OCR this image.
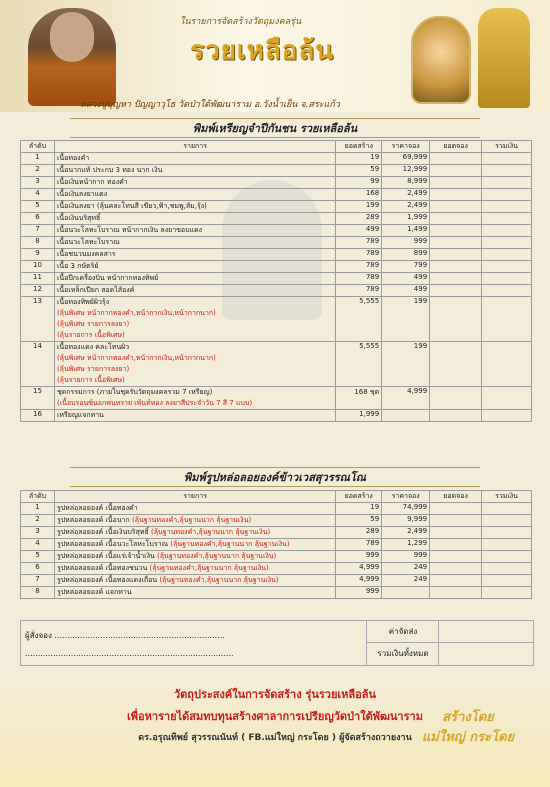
ในรายการจัดสร้างวัตถุมงคลรุ่น
รวยเหลือล้น
หลวงปู่บุญหา ปัญญาวุโธ วัดป่าใต้พัฒนาราม อ.วังน้ำเย็น จ.สระแก้ว
พิมพ์เหรียญจำปีกันชน รวยเหลือล้น
ลำดับ	รายการ	ยอดสร้าง	ราคาจอง	ยอดจอง	รวมเงิน
1	เนื้อทองคำ	19	69,999		
2	เนื้อนากแท้ ประกบ 3 ทอง นาก เงิน	59	12,999		
3	เนื้อเงินหน้ากาก ทองคำ	99	8,999		
4	เนื้อเงินลงยาแดง	168	2,499		
5	เนื้อเงินลงยา (ลุ้นคละโทนสี เขียว,ฟ้า,ชมพู,ส้ม,รุ้ง)	199	2,499		
6	เนื้อเงินบริสุทธิ์	289	1,999		
7	เนื้อนวะโลหะโบราณ หน้ากากเงิน ลงยาขอบแดง	499	1,499		
8	เนื้อนวะโลหะโบราณ	789	999		
9	เนื้อชนวนมงคลสาร	789	899		
10	เนื้อ 3 กษัตริย์	789	799		
11	เนื้อปีกเครื่องบิน หน้ากากทองทิพย์	789	499		
12	เนื้อเหล็กเปียก สอดไส้องค์	789	499		
13	เนื้อทองทิพย์ผิวรุ้ง
(ลุ้นพิเศษ หน้ากากทองคำ,หน้ากากเงิน,หน้ากากนาก)
(ลุ้นพิเศษ รายการลงยา)
(ลุ้นรายการ เนื้อพิเศษ)	5,555	199		
14	เนื้อทองแดง คละโทนผิว
(ลุ้นพิเศษ หน้ากากทองคำ,หน้ากากเงิน,หน้ากากนาก)
(ลุ้นพิเศษ รายการลงยา)
(ลุ้นรายการ เนื้อพิเศษ)	5,555	199		
15	ชุดกรรมการ (ภายในชุดรับวัตถุมงคลรวม 7 เหรียญ)
(เนื้อบรอนซ์นอกพ่นทราย เพ้นท์ทอง ลงยาสีประจำวัน 7 สี 7 แบบ)	168 ชุด	4,999		
16	เหรียญแจกทาน	1,999			
พิมพ์รูปหล่อลอยองค์ข้าวเวสสุวรรณโณ
ลำดับ	รายการ	ยอดสร้าง	ราคาจอง	ยอดจอง	รวมเงิน
1	รูปหล่อลอยองค์ เนื้อทองคำ	19	74,999		
2	รูปหล่อลอยองค์ เนื้อนาก (ลุ้นฐานทองคำ,ลุ้นฐานนาก ลุ้นฐานเงิน)	59	9,999		
3	รูปหล่อลอยองค์ เนื้อเงินบริสุทธิ์ (ลุ้นฐานทองคำ,ลุ้นฐานนาก ลุ้นฐานเงิน)	289	2,499		
4	รูปหล่อลอยองค์ เนื้อนวะโลหะโบราณ (ลุ้นฐานทองคำ,ลุ้นฐานนาก ลุ้นฐานเงิน)	789	1,299		
5	รูปหล่อลอยองค์ เนื้อแร่เจ้าน้ำเงิน (ลุ้นฐานทองคำ,ลุ้นฐานนาก ลุ้นฐานเงิน)	999	999		
6	รูปหล่อลอยองค์ เนื้อทองชนวน (ลุ้นฐานทองคำ,ลุ้นฐานนาก ลุ้นฐานเงิน)	4,999	249		
7	รูปหล่อลอยองค์ เนื้อทองแดงเถื่อน (ลุ้นฐานทองคำ,ลุ้นฐานนาก ลุ้นฐานเงิน)	4,999	249		
8	รูปหล่อลอยองค์ แจกทาน	999			
ผู้สั่งจอง ...................................................................
..................................................................................
ค่าจัดส่ง
รวมเงินทั้งหมด
วัตถุประสงค์ในการจัดสร้าง รุ่นรวยเหลือล้น
เพื่อหารายได้สมทบทุนสร้างศาลาการเปรียญวัดป่าใต้พัฒนาราม
ดร.อรุณทิพย์ สุวรรณนันท์ ( FB.แม่ใหญ่ กระโดย ) ผู้จัดสร้างถวายงาน
สร้างโดย
แม่ใหญ่ กระโดย
